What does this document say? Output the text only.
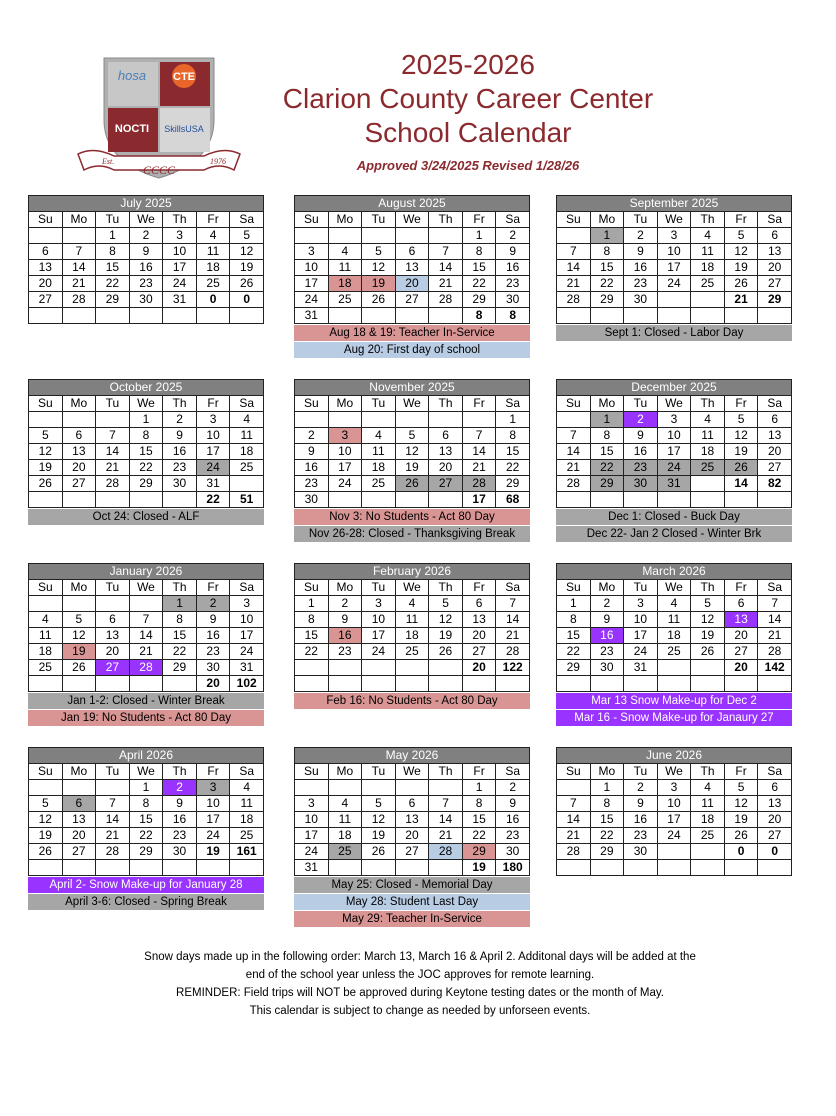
hosa CTE
NOCTI SkillsUSA
Est.	1976
CCCC
2025-2026
Clarion County Career Center
School Calendar
Approved 3/24/2025 Revised 1/28/26
July 2025
Su	Mo	Tu	We	Th	Fr	Sa
		1	2	3	4	5
6	7	8	9	10	11	12
13	14	15	16	17	18	19
20	21	22	23	24	25	26
27	28	29	30	31	0	0

August 2025
Su	Mo	Tu	We	Th	Fr	Sa
					1	2
3	4	5	6	7	8	9
10	11	12	13	14	15	16
17	18	19	20	21	22	23
24	25	26	27	28	29	30
31					8	8
Aug 18 & 19: Teacher In-Service
Aug 20: First day of school
September 2025
Su	Mo	Tu	We	Th	Fr	Sa
	1	2	3	4	5	6
7	8	9	10	11	12	13
14	15	16	17	18	19	20
21	22	23	24	25	26	27
28	29	30			21	29

Sept 1: Closed - Labor Day
October 2025
Su	Mo	Tu	We	Th	Fr	Sa
			1	2	3	4
5	6	7	8	9	10	11
12	13	14	15	16	17	18
19	20	21	22	23	24	25
26	27	28	29	30	31	
					22	51
Oct 24: Closed - ALF
November 2025
Su	Mo	Tu	We	Th	Fr	Sa
						1
2	3	4	5	6	7	8
9	10	11	12	13	14	15
16	17	18	19	20	21	22
23	24	25	26	27	28	29
30					17	68
Nov 3: No Students - Act 80 Day
Nov 26-28: Closed - Thanksgiving Break
December 2025
Su	Mo	Tu	We	Th	Fr	Sa
	1	2	3	4	5	6
7	8	9	10	11	12	13
14	15	16	17	18	19	20
21	22	23	24	25	26	27
28	29	30	31		14	82

Dec 1: Closed - Buck Day
Dec 22- Jan 2 Closed - Winter Brk
January 2026
Su	Mo	Tu	We	Th	Fr	Sa
				1	2	3
4	5	6	7	8	9	10
11	12	13	14	15	16	17
18	19	20	21	22	23	24
25	26	27	28	29	30	31
					20	102
Jan 1-2: Closed - Winter Break
Jan 19: No Students - Act 80 Day
February 2026
Su	Mo	Tu	We	Th	Fr	Sa
1	2	3	4	5	6	7
8	9	10	11	12	13	14
15	16	17	18	19	20	21
22	23	24	25	26	27	28
					20	122

Feb 16: No Students - Act 80 Day
March 2026
Su	Mo	Tu	We	Th	Fr	Sa
1	2	3	4	5	6	7
8	9	10	11	12	13	14
15	16	17	18	19	20	21
22	23	24	25	26	27	28
29	30	31			20	142

Mar 13 Snow Make-up for Dec 2
Mar 16 - Snow Make-up for Janaury 27
April 2026
Su	Mo	Tu	We	Th	Fr	Sa
			1	2	3	4
5	6	7	8	9	10	11
12	13	14	15	16	17	18
19	20	21	22	23	24	25
26	27	28	29	30	19	161

April 2- Snow Make-up for January 28
April 3-6: Closed - Spring Break
May 2026
Su	Mo	Tu	We	Th	Fr	Sa
					1	2
3	4	5	6	7	8	9
10	11	12	13	14	15	16
17	18	19	20	21	22	23
24	25	26	27	28	29	30
31					19	180
May 25: Closed - Memorial Day
May 28: Student Last Day
May 29: Teacher In-Service
June 2026
Su	Mo	Tu	We	Th	Fr	Sa
	1	2	3	4	5	6
7	8	9	10	11	12	13
14	15	16	17	18	19	20
21	22	23	24	25	26	27
28	29	30			0	0

Snow days made up in the following order: March 13, March 16 & April 2. Additonal days will be added at the
end of the school year unless the JOC approves for remote learning.
REMINDER: Field trips will NOT be approved during Keytone testing dates or the month of May.
This calendar is subject to change as needed by unforseen events.
